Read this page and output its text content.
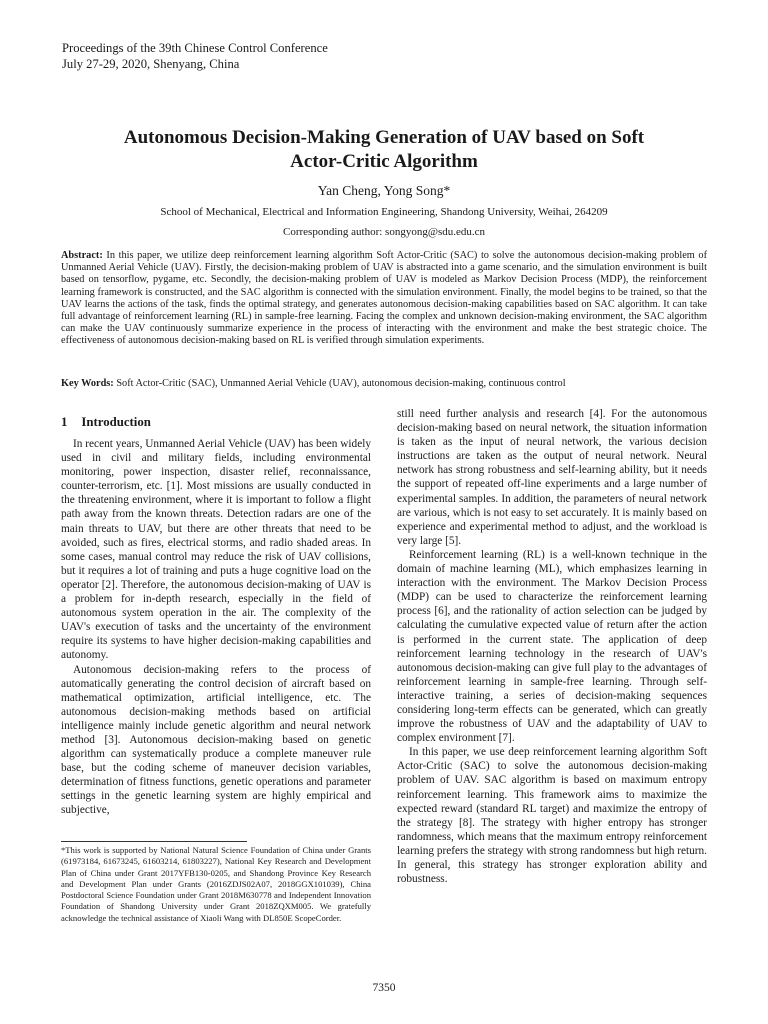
Proceedings of the 39th Chinese Control Conference
July 27-29, 2020, Shenyang, China
Autonomous Decision-Making Generation of UAV based on Soft
Actor-Critic Algorithm
Yan Cheng, Yong Song*
School of Mechanical, Electrical and Information Engineering, Shandong University, Weihai, 264209
Corresponding author: songyong@sdu.edu.cn
Abstract: In this paper, we utilize deep reinforcement learning algorithm Soft Actor-Critic (SAC) to solve the autonomous decision-making problem of Unmanned Aerial Vehicle (UAV). Firstly, the decision-making problem of UAV is abstracted into a game scenario, and the simulation environment is built based on tensorflow, pygame, etc. Secondly, the decision-making problem of UAV is modeled as Markov Decision Process (MDP), the reinforcement learning framework is constructed, and the SAC algorithm is connected with the simulation environment. Finally, the model begins to be trained, so that the UAV learns the actions of the task, finds the optimal strategy, and generates autonomous decision-making capabilities based on SAC algorithm. It can take full advantage of reinforcement learning (RL) in sample-free learning. Facing the complex and unknown decision-making environment, the SAC algorithm can make the UAV continuously summarize experience in the process of interacting with the environment and make the best strategic choice. The effectiveness of autonomous decision-making based on RL is verified through simulation experiments.
Key Words: Soft Actor-Critic (SAC), Unmanned Aerial Vehicle (UAV), autonomous decision-making, continuous control
1 Introduction

In recent years, Unmanned Aerial Vehicle (UAV) has been widely used in civil and military fields, including environmental monitoring, power inspection, disaster relief, reconnaissance, counter-terrorism, etc. [1]. Most missions are usually conducted in the threatening environment, where it is important to follow a flight path away from the known threats. Detection radars are one of the main threats to UAV, but there are other threats that need to be avoided, such as fires, electrical storms, and radio shaded areas. In some cases, manual control may reduce the risk of UAV collisions, but it requires a lot of training and puts a huge cognitive load on the operator [2]. Therefore, the autonomous decision-making of UAV is a problem for in-depth research, especially in the field of autonomous system operation in the air. The complexity of the UAV's execution of tasks and the uncertainty of the environment require its systems to have higher decision-making capabilities and autonomy.

Autonomous decision-making refers to the process of automatically generating the control decision of aircraft based on mathematical optimization, artificial intelligence, etc. The autonomous decision-making methods based on artificial intelligence mainly include genetic algorithm and neural network method [3]. Autonomous decision-making based on genetic algorithm can systematically produce a complete maneuver rule base, but the coding scheme of maneuver decision variables, determination of fitness functions, genetic operations and parameter settings in the genetic learning system are highly empirical and subjective,

still need further analysis and research [4]. For the autonomous decision-making based on neural network, the situation information is taken as the input of neural network, the various decision instructions are taken as the output of neural network. Neural network has strong robustness and self-learning ability, but it needs the support of repeated off-line experiments and a large number of experimental samples. In addition, the parameters of neural network are various, which is not easy to set accurately. It is mainly based on experience and experimental method to adjust, and the workload is very large [5].

Reinforcement learning (RL) is a well-known technique in the domain of machine learning (ML), which emphasizes learning in interaction with the environment. The Markov Decision Process (MDP) can be used to characterize the reinforcement learning process [6], and the rationality of action selection can be judged by calculating the cumulative expected value of return after the action is performed in the current state. The application of deep reinforcement learning technology in the research of UAV's autonomous decision-making can give full play to the advantages of reinforcement learning in sample-free learning. Through self-interactive training, a series of decision-making sequences considering long-term effects can be generated, which can greatly improve the robustness of UAV and the adaptability of UAV to complex environment [7].

In this paper, we use deep reinforcement learning algorithm Soft Actor-Critic (SAC) to solve the autonomous decision-making problem of UAV. SAC algorithm is based on maximum entropy reinforcement learning. This framework aims to maximize the expected reward (standard RL target) and maximize the entropy of the strategy [8]. The strategy with higher entropy has stronger randomness, which means that the maximum entropy reinforcement learning prefers the strategy with strong randomness but high return. In general, this strategy has stronger exploration ability and robustness.

*This work is supported by National Natural Science Foundation of China under Grants (61973184, 61673245, 61603214, 61803227), National Key Research and Development Plan of China under Grant 2017YFB130-0205, and Shandong Province Key Research and Development Plan under Grants (2016ZDJS02A07, 2018GGX101039), China Postdoctoral Science Foundation under Grant 2018M630778 and Independent Innovation Foundation of Shandong University under Grant 2018ZQXM005. We gratefully acknowledge the technical assistance of Xiaoli Wang with DL850E ScopeCorder.
7350
